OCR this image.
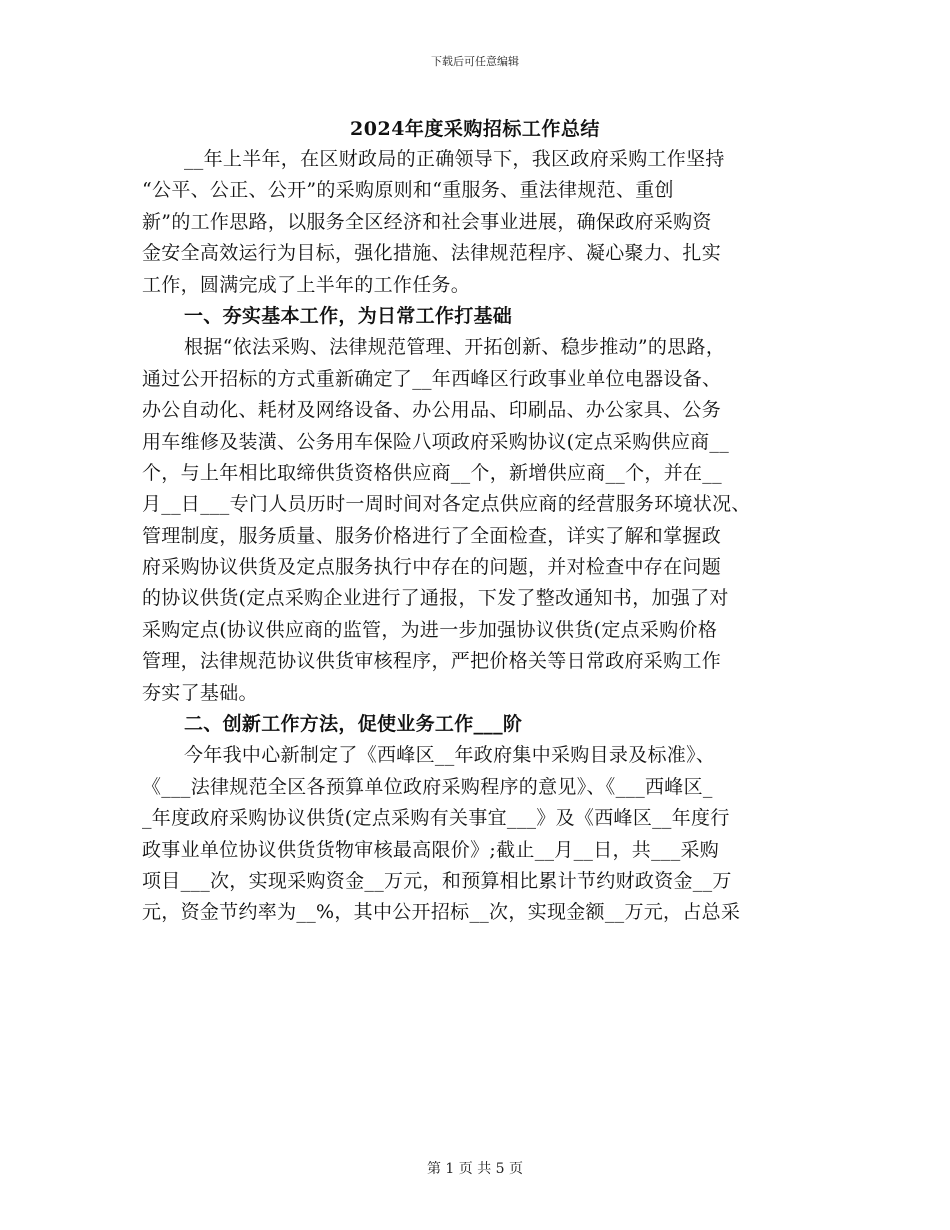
下载后可任意编辑
2024年度采购招标工作总结
__年上半年，在区财政局的正确领导下，我区政府采购工作坚持
“公平、公正、公开”的采购原则和“重服务、重法律规范、重创
新”的工作思路，以服务全区经济和社会事业进展，确保政府采购资
金安全高效运行为目标，强化措施、法律规范程序、凝心聚力、扎实
工作，圆满完成了上半年的工作任务。
一、夯实基本工作，为日常工作打基础
根据“依法采购、法律规范管理、开拓创新、稳步推动”的思路，
通过公开招标的方式重新确定了__年西峰区行政事业单位电器设备、
办公自动化、耗材及网络设备、办公用品、印刷品、办公家具、公务
用车维修及装潢、公务用车保险八项政府采购协议(定点采购供应商__
个，与上年相比取缔供货资格供应商__个，新增供应商__个，并在__
月__日___专门人员历时一周时间对各定点供应商的经营服务环境状况、
管理制度，服务质量、服务价格进行了全面检查，详实了解和掌握政
府采购协议供货及定点服务执行中存在的问题，并对检查中存在问题
的协议供货(定点采购企业进行了通报，下发了整改通知书，加强了对
采购定点(协议供应商的监管，为进一步加强协议供货(定点采购价格
管理，法律规范协议供货审核程序，严把价格关等日常政府采购工作
夯实了基础。
二、创新工作方法，促使业务工作___阶
今年我中心新制定了《西峰区__年政府集中采购目录及标准》、
《___法律规范全区各预算单位政府采购程序的意见》、《___西峰区_
_年度政府采购协议供货(定点采购有关事宜___》及《西峰区__年度行
政事业单位协议供货货物审核最高限价》;截止__月__日，共___采购
项目___次，实现采购资金__万元，和预算相比累计节约财政资金__万
元，资金节约率为__%，其中公开招标__次，实现金额__万元，占总采
第 1 页 共 5 页
